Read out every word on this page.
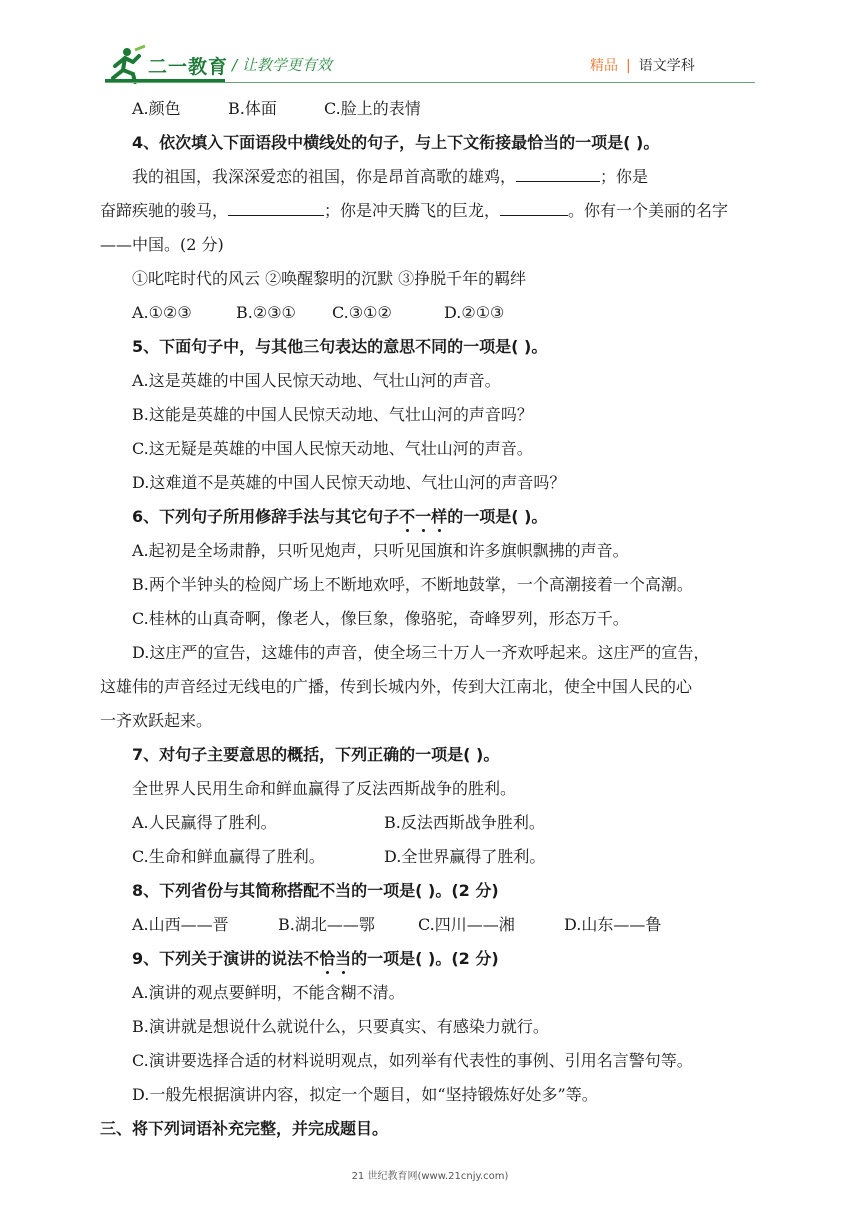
二一教育 / 让教学更有效	精品 | 语文学科
A.颜色	B.体面	C.脸上的表情
4、依次填入下面语段中横线处的句子，与上下文衔接最恰当的一项是( )。
我的祖国，我深深爱恋的祖国，你是昂首高歌的雄鸡，	；你是
奋蹄疾驰的骏马，	；你是冲天腾飞的巨龙，	。你有一个美丽的名字
——中国。(2 分)
①叱咤时代的风云 ②唤醒黎明的沉默 ③挣脱千年的羁绊
A.①②③	B.②③① C.③①②	D.②①③
5、下面句子中，与其他三句表达的意思不同的一项是( )。
A.这是英雄的中国人民惊天动地、气壮山河的声音。
B.这能是英雄的中国人民惊天动地、气壮山河的声音吗？
C.这无疑是英雄的中国人民惊天动地、气壮山河的声音。
D.这难道不是英雄的中国人民惊天动地、气壮山河的声音吗？
6、下列句子所用修辞手法与其它句子不一样的一项是( )。
A.起初是全场肃静，只听见炮声，只听见国旗和许多旗帜飘拂的声音。
B.两个半钟头的检阅广场上不断地欢呼，不断地鼓掌，一个高潮接着一个高潮。
C.桂林的山真奇啊，像老人，像巨象，像骆驼，奇峰罗列，形态万千。
D.这庄严的宣告，这雄伟的声音，使全场三十万人一齐欢呼起来。这庄严的宣告，
这雄伟的声音经过无线电的广播，传到长城内外，传到大江南北，使全中国人民的心
一齐欢跃起来。
7、对句子主要意思的概括，下列正确的一项是( )。
全世界人民用生命和鲜血赢得了反法西斯战争的胜利。
A.人民赢得了胜利。	B.反法西斯战争胜利。
C.生命和鲜血赢得了胜利。	D.全世界赢得了胜利。
8、下列省份与其简称搭配不当的一项是( )。(2 分)
A.山西——晋	B.湖北——鄂	C.四川——湘	D.山东——鲁
9、下列关于演讲的说法不恰当的一项是( )。(2 分)
A.演讲的观点要鲜明，不能含糊不清。
B.演讲就是想说什么就说什么，只要真实、有感染力就行。
C.演讲要选择合适的材料说明观点，如列举有代表性的事例、引用名言警句等。
D.一般先根据演讲内容，拟定一个题目，如“坚持锻炼好处多”等。
三、将下列词语补充完整，并完成题目。
21 世纪教育网(www.21cnjy.com)
